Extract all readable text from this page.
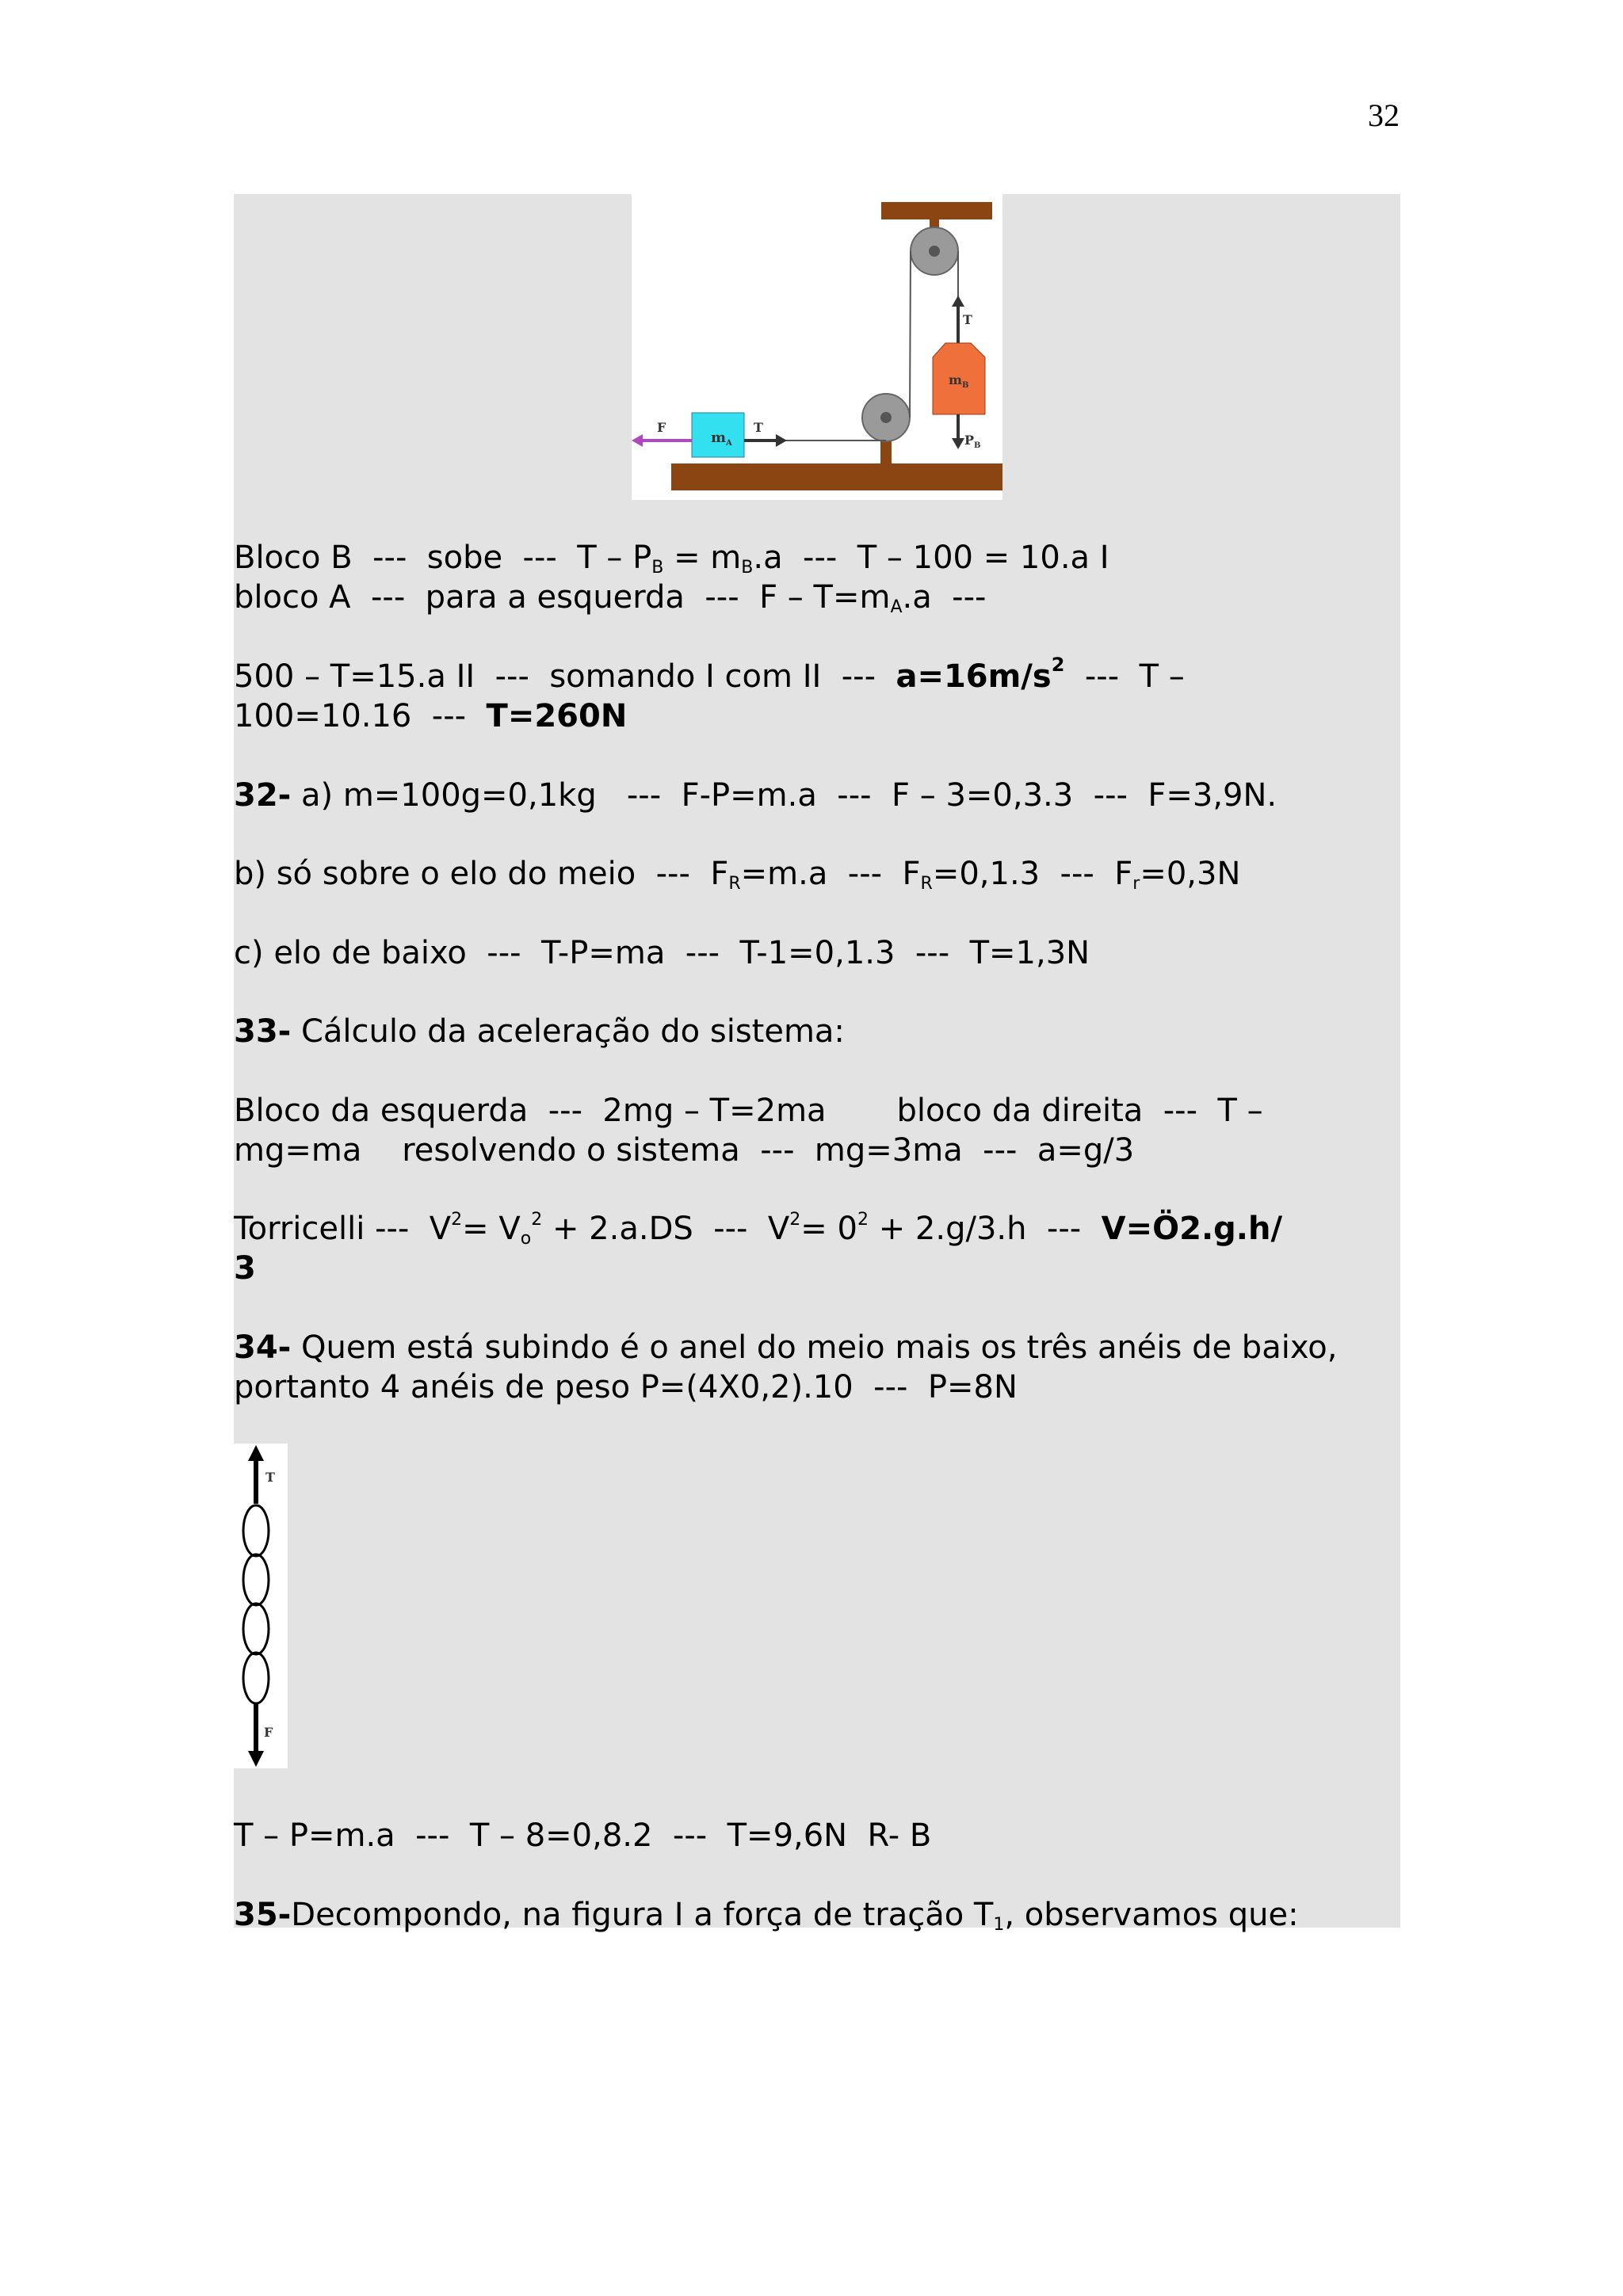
32
$m_A$
F	T
T
$m_B$
$P_B$

Bloco B  ---  sobe  ---  $T - P_B = m_B.a$  ---  T – 100 = 10.a I

bloco A  ---  para a esquerda  ---  $F - T=m_A.a$  ---

500 – T=15.a II  ---  somando I com II  ---  $a=16m/s^2$  ---  T –

100=10.16  ---  T=260N

32- a) m=100g=0,1kg   ---  F-P=m.a  ---  F – 3=0,3.3  ---  F=3,9N.

b) só sobre o elo do meio  ---  $F_R=m.a$  ---  $F_R=0,1.3$  ---  $F_r=0,3N$

c) elo de baixo  ---  T-P=ma  ---  T-1=0,1.3  ---  T=1,3N

33- Cálculo da aceleração do sistema:

Bloco da esquerda  ---  2mg – T=2ma       bloco da direita  ---  T –

mg=ma    resolvendo o sistema  ---  mg=3ma  ---  a=g/3

Torricelli ---  $V^2= V_o^2 + 2.a.DS$  ---  $V^2= 0^2 + 2.g/3.h$  ---  V=Ö2.g.h/

3

34- Quem está subindo é o anel do meio mais os três anéis de baixo,

portanto 4 anéis de peso P=(4X0,2).10  ---  P=8N

T
F

T – P=m.a  ---  T – 8=0,8.2  ---  T=9,6N  R- B

35-Decompondo, na figura I a força de tração $T_1$, observamos que:
